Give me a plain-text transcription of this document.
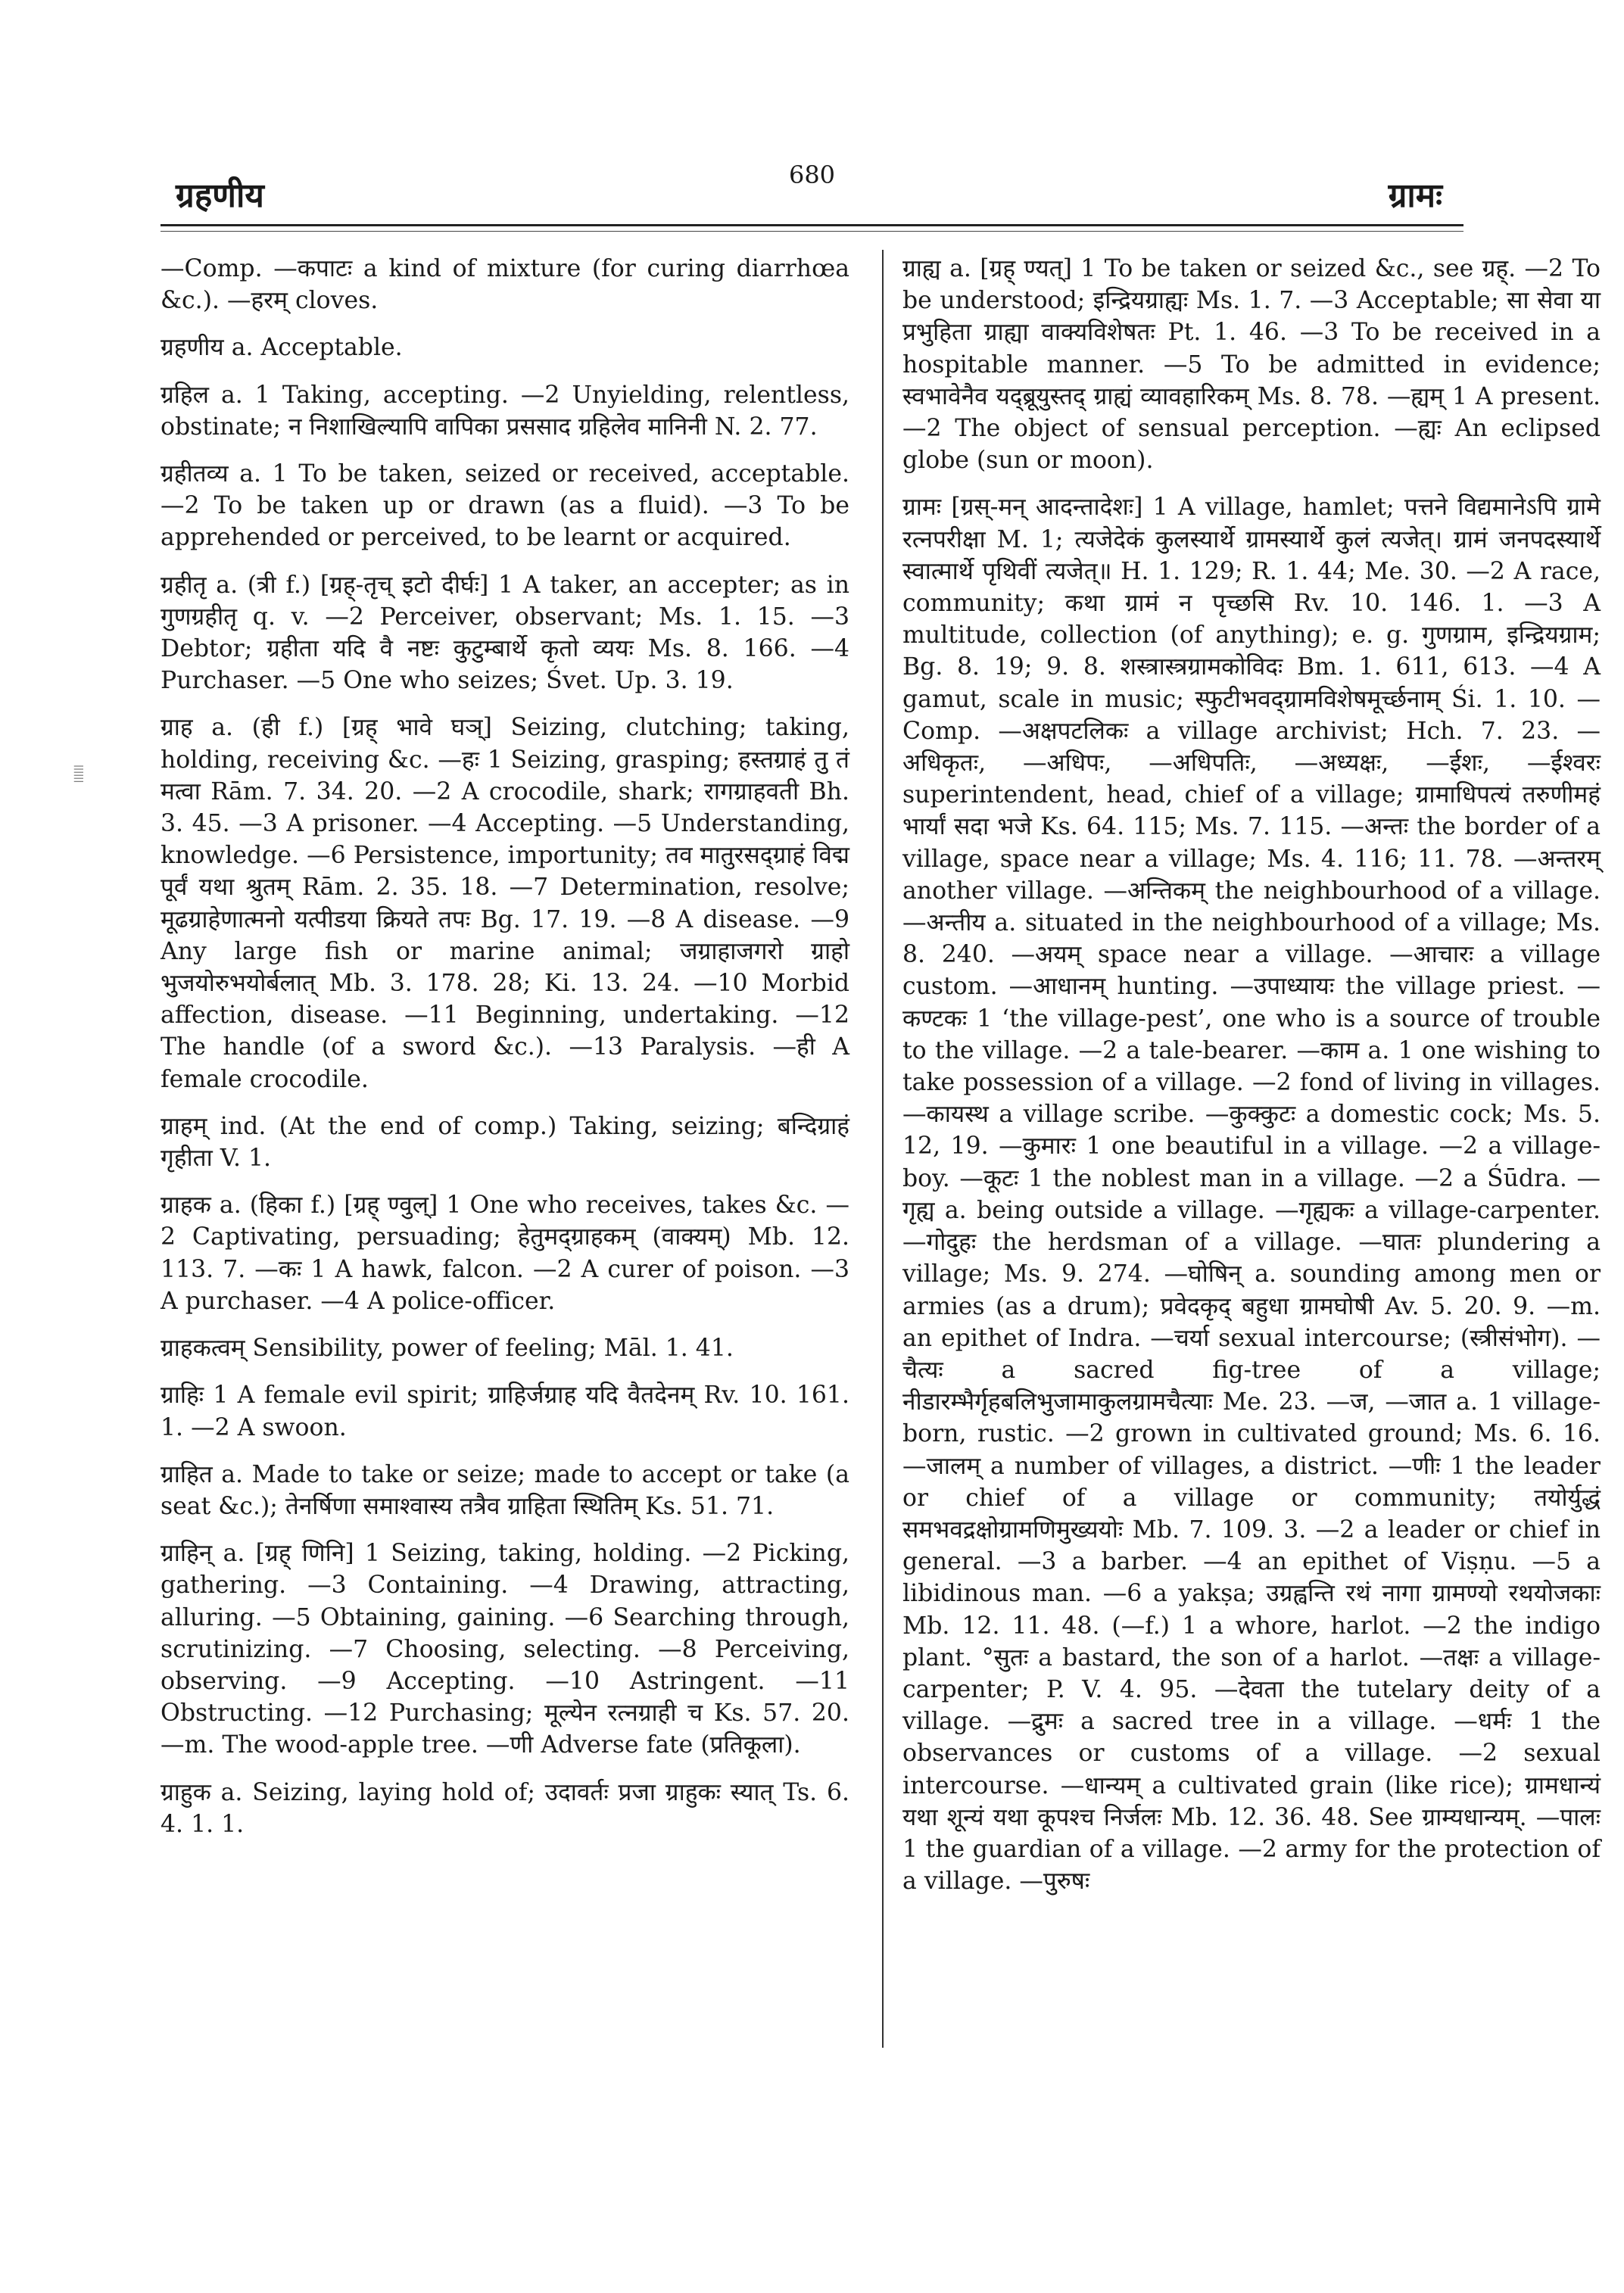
ग्रहणीय
680
ग्रामः
||||||

—Comp. —कपाटः a kind of mixture (for curing diarrhœa &c.). —हरम् cloves.

ग्रहणीय a. Acceptable.

ग्रहिल a. 1 Taking, accepting. —2 Unyielding, relentless, obstinate; न निशाखिल्यापि वापिका प्रससाद ग्रहिलेव मानिनी N. 2. 77.

ग्रहीतव्य a. 1 To be taken, seized or received, acceptable. —2 To be taken up or drawn (as a fluid). —3 To be apprehended or perceived, to be learnt or acquired.

ग्रहीतृ a. (त्री f.) [ग्रह्-तृच् इटो दीर्घः] 1 A taker, an accepter; as in गुणग्रहीतृ q. v. —2 Perceiver, observant; Ms. 1. 15. —3 Debtor; ग्रहीता यदि वै नष्टः कुटुम्बार्थे कृतो व्ययः Ms. 8. 166. —4 Purchaser. —5 One who seizes; Śvet. Up. 3. 19.

ग्राह a. (ही f.) [ग्रह् भावे घञ्] Seizing, clutching; taking, holding, receiving &c. —हः 1 Seizing, grasping; हस्तग्राहं तु तं मत्वा Rām. 7. 34. 20. —2 A crocodile, shark; रागग्राहवती Bh. 3. 45. —3 A prisoner. —4 Accepting. —5 Understanding, knowledge. —6 Persistence, importunity; तव मातुरसद्ग्राहं विद्म पूर्वं यथा श्रुतम् Rām. 2. 35. 18. —7 Determination, resolve; मूढग्राहेणात्मनो यत्पीडया क्रियते तपः Bg. 17. 19. —8 A disease. —9 Any large fish or marine animal; जग्राहाजगरो ग्राहो भुजयोरुभयोर्बलात् Mb. 3. 178. 28; Ki. 13. 24. —10 Morbid affection, disease. —11 Beginning, undertaking. —12 The handle (of a sword &c.). —13 Paralysis. —ही A female crocodile.

ग्राहम् ind. (At the end of comp.) Taking, seizing; बन्दिग्राहं गृहीता V. 1.

ग्राहक a. (हिका f.) [ग्रह् ण्वुल्] 1 One who receives, takes &c. —2 Captivating, persuading; हेतुमद्ग्राहकम् (वाक्यम्) Mb. 12. 113. 7. —कः 1 A hawk, falcon. —2 A curer of poison. —3 A purchaser. —4 A police-officer.

ग्राहकत्वम् Sensibility, power of feeling; Māl. 1. 41.

ग्राहिः 1 A female evil spirit; ग्राहिर्जग्राह यदि वैतदेनम् Rv. 10. 161. 1. —2 A swoon.

ग्राहित a. Made to take or seize; made to accept or take (a seat &c.); तेनर्षिणा समाश्वास्य तत्रैव ग्राहिता स्थितिम् Ks. 51. 71.

ग्राहिन् a. [ग्रह् णिनि] 1 Seizing, taking, holding. —2 Picking, gathering. —3 Containing. —4 Drawing, attracting, alluring. —5 Obtaining, gaining. —6 Searching through, scrutinizing. —7 Choosing, selecting. —8 Perceiving, observing. —9 Accepting. —10 Astringent. —11 Obstructing. —12 Purchasing; मूल्येन रत्नग्राही च Ks. 57. 20. —m. The wood-apple tree. —णी Adverse fate (प्रतिकूला).

ग्राहुक a. Seizing, laying hold of; उदावर्तः प्रजा ग्राहुकः स्यात् Ts. 6. 4. 1. 1.

ग्राह्य a. [ग्रह् ण्यत्] 1 To be taken or seized &c., see ग्रह्. —2 To be understood; इन्द्रियग्राह्यः Ms. 1. 7. —3 Acceptable; सा सेवा या प्रभुहिता ग्राह्या वाक्यविशेषतः Pt. 1. 46. —3 To be received in a hospitable manner. —5 To be admitted in evidence; स्वभावेनैव यद्ब्रूयुस्तद् ग्राह्यं व्यावहारिकम् Ms. 8. 78. —ह्यम् 1 A present. —2 The object of sensual perception. —ह्यः An eclipsed globe (sun or moon).

ग्रामः [ग्रस्-मन् आदन्तादेशः] 1 A village, hamlet; पत्तने विद्यमानेऽपि ग्रामे रत्नपरीक्षा M. 1; त्यजेदेकं कुलस्यार्थे ग्रामस्यार्थे कुलं त्यजेत्। ग्रामं जनपदस्यार्थे स्वात्मार्थे पृथिवीं त्यजेत्॥ H. 1. 129; R. 1. 44; Me. 30. —2 A race, community; कथा ग्रामं न पृच्छसि Rv. 10. 146. 1. —3 A multitude, collection (of anything); e. g. गुणग्राम, इन्द्रियग्राम; Bg. 8. 19; 9. 8. शस्त्रास्त्रग्रामकोविदः Bm. 1. 611, 613. —4 A gamut, scale in music; स्फुटीभवद्ग्रामविशेषमूर्च्छनाम् Śi. 1. 10. —Comp. —अक्षपटलिकः a village archivist; Hch. 7. 23. —अधिकृतः, —अधिपः, —अधिपतिः, —अध्यक्षः, —ईशः, —ईश्वरः superintendent, head, chief of a village; ग्रामाधिपत्यं तरुणीमहं भार्यां सदा भजे Ks. 64. 115; Ms. 7. 115. —अन्तः the border of a village, space near a village; Ms. 4. 116; 11. 78. —अन्तरम् another village. —अन्तिकम् the neighbourhood of a village. —अन्तीय a. situated in the neighbourhood of a village; Ms. 8. 240. —अयम् space near a village. —आचारः a village custom. —आधानम् hunting. —उपाध्यायः the village priest. —कण्टकः 1 ‘the village-pest’, one who is a source of trouble to the village. —2 a tale-bearer. —काम a. 1 one wishing to take possession of a village. —2 fond of living in villages. —कायस्थ a village scribe. —कुक्कुटः a domestic cock; Ms. 5. 12, 19. —कुमारः 1 one beautiful in a village. —2 a village-boy. —कूटः 1 the noblest man in a village. —2 a Śūdra. —गृह्य a. being outside a village. —गृह्यकः a village-carpenter. —गोदुहः the herdsman of a village. —घातः plundering a village; Ms. 9. 274. —घोषिन् a. sounding among men or armies (as a drum); प्रवेदकृद् बहुधा ग्रामघोषी Av. 5. 20. 9. —m. an epithet of Indra. —चर्या sexual intercourse; (स्त्रीसंभोग). —चैत्यः a sacred fig-tree of a village; नीडारम्भैर्गृहबलिभुजामाकुलग्रामचैत्याः Me. 23. —ज, —जात a. 1 village-born, rustic. —2 grown in cultivated ground; Ms. 6. 16. —जालम् a number of villages, a district. —णीः 1 the leader or chief of a village or community; तयोर्युद्धं समभवद्रक्षोग्रामणिमुख्ययोः Mb. 7. 109. 3. —2 a leader or chief in general. —3 a barber. —4 an epithet of Viṣṇu. —5 a libidinous man. —6 a yakṣa; उग्रह्वन्ति रथं नागा ग्रामण्यो रथयोजकाः Mb. 12. 11. 48. (—f.) 1 a whore, harlot. —2 the indigo plant. °सुतः a bastard, the son of a harlot. —तक्षः a village-carpenter; P. V. 4. 95. —देवता the tutelary deity of a village. —द्रुमः a sacred tree in a village. —धर्मः 1 the observances or customs of a village. —2 sexual intercourse. —धान्यम् a cultivated grain (like rice); ग्रामधान्यं यथा शून्यं यथा कूपश्च निर्जलः Mb. 12. 36. 48. See ग्राम्यधान्यम्. —पालः 1 the guardian of a village. —2 army for the protection of a village. —पुरुषः
